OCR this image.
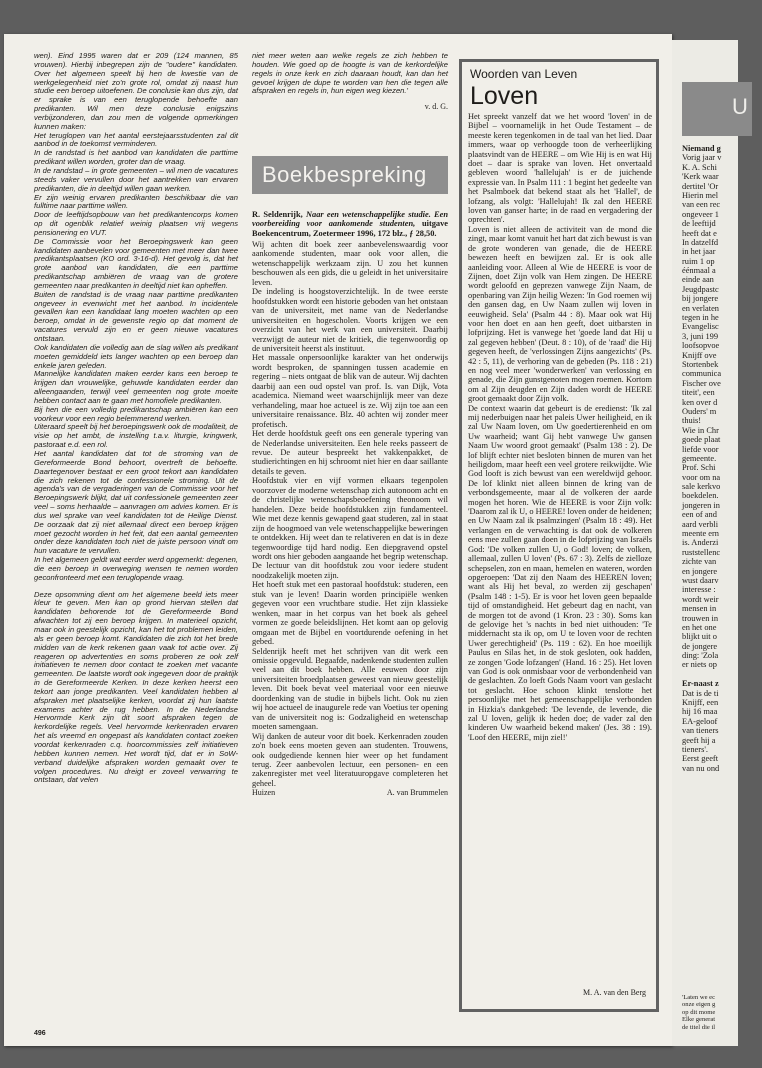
wen). Eind 1995 waren dat er 209 (124 mannen, 85 vrouwen). Hierbij inbegrepen zijn de "oudere" kandidaten. Over het algemeen speelt bij hen de kwestie van de werkgelegenheid niet zo'n grote rol, omdat zij naast hun studie een beroep uitoefenen. De conclusie kan dus zijn, dat er sprake is van een teruglopende behoefte aan predikanten. Wil men deze conclusie enigszins verbijzonderen, dan zou men de volgende opmerkingen kunnen maken:

Het teruglopen van het aantal eerstejaarsstudenten zal dit aanbod in de toekomst verminderen.

In de randstad is het aanbod van kandidaten die parttime predikant willen worden, groter dan de vraag.

In de randstad – in grote gemeenten – wil men de vacatures steeds vaker vervullen door het aantrekken van ervaren predikanten, die in deeltijd willen gaan werken.

Er zijn weinig ervaren predikanten beschikbaar die van fulltime naar parttime willen.

Door de leeftijdsopbouw van het predikantencorps komen op dit ogenblik relatief weinig plaatsen vrij wegens pensionering en VUT.

De Commissie voor het Beroepingswerk kan geen kandidaten aanbevelen voor gemeenten met meer dan twee predikantsplaatsen (KO ord. 3-16-d). Het gevolg is, dat het grote aanbod van kandidaten, die een parttime predikantschap ambiëren de vraag van de grotere gemeenten naar predikanten in deeltijd niet kan opheffen.

Buiten de randstad is de vraag naar parttime predikanten ongeveer in evenwicht met het aanbod. In incidentele gevallen kan een kandidaat lang moeten wachten op een beroep, omdat in de gewenste regio op dat moment de vacatures vervuld zijn en er geen nieuwe vacatures ontstaan.

Ook kandidaten die volledig aan de slag willen als predikant moeten gemiddeld iets langer wachten op een beroep dan enkele jaren geleden.

Mannelijke kandidaten maken eerder kans een beroep te krijgen dan vrouwelijke, gehuwde kandidaten eerder dan alleengaanden, terwijl veel gemeenten nog grote moeite hebben contact aan te gaan met homofiele predikanten.

Bij hen die een volledig predikantschap ambiëren kan een voorkeur voor een regio belemmerend werken.

Uiteraard speelt bij het beroepingswerk ook de modaliteit, de visie op het ambt, de instelling t.a.v. liturgie, kringwerk, pastoraat e.d. een rol.

Het aantal kandidaten dat tot de stroming van de Gereformeerde Bond behoort, overtreft de behoefte. Daartegenover bestaat er een groot tekort aan kandidaten die zich rekenen tot de confessionele stroming. Uit de agenda's van de vergaderingen van de Commissie voor het Beroepingswerk blijkt, dat uit confessionele gemeenten zeer veel – soms herhaalde – aanvragen om advies komen. Er is dus wel sprake van veel kandidaten tot de Heilige Dienst. De oorzaak dat zij niet allemaal direct een beroep krijgen moet gezocht worden in het feit, dat een aantal gemeenten onder deze kandidaten toch niet de juiste persoon vindt om hun vacature te vervullen.

In het algemeen geldt wat eerder werd opgemerkt: degenen, die een beroep in overweging wensen te nemen worden geconfronteerd met een teruglopende vraag.

Deze opsomming dient om het algemene beeld iets meer kleur te geven. Men kan op grond hiervan stellen dat kandidaten behorende tot de Gereformeerde Bond afwachten tot zij een beroep krijgen. In materieel opzicht, maar ook in geestelijk opzicht, kan het tot problemen leiden, als er geen beroep komt. Kandidaten die zich tot het brede midden van de kerk rekenen gaan vaak tot actie over. Zij reageren op advertenties en soms proberen ze ook zelf initiatieven te nemen door contact te zoeken met vacante gemeenten. De laatste wordt ook ingegeven door de praktijk in de Gereformeerde Kerken. In deze kerken heerst een tekort aan jonge predikanten. Veel kandidaten hebben al afspraken met plaatselijke kerken, voordat zij hun laatste examens achter de rug hebben. In de Nederlandse Hervormde Kerk zijn dit soort afspraken tegen de kerkordelijke regels. Veel hervormde kerkenraden ervaren het als vreemd en ongepast als kandidaten contact zoeken voordat kerkenraden c.q. hoorcommissies zelf initiatieven hebben kunnen nemen. Het wordt tijd, dat er in SoW-verband duidelijke afspraken worden gemaakt over te volgen procedures. Nu dreigt er zoveel verwarring te ontstaan, dat velen

niet meer weten aan welke regels ze zich hebben te houden. Wie goed op de hoogte is van de kerkordelijke regels in onze kerk en zich daaraan houdt, kan dan het gevoel krijgen de dupe te worden van hen die tegen alle afspraken en regels in, hun eigen weg kiezen.'

v. d. G.

Boekbespreking

R. Seldenrijk, Naar een wetenschappelijke studie. Een voorbereiding voor aankomende studenten, uitgave Boekencentrum, Zoetermeer 1996, 172 blz., ƒ 28,50.

Wij achten dit boek zeer aanbevelenswaardig voor aankomende studenten, maar ook voor allen, die wetenschappelijk werkzaam zijn. U zou het kunnen beschouwen als een gids, die u geleidt in het universitaire leven.

De indeling is hoogstoverzichtelijk. In de twee eerste hoofdstukken wordt een historie geboden van het ontstaan van de universiteit, met name van de Nederlandse universiteiten en hogescholen. Voorts krijgen we een overzicht van het werk van een universiteit. Daarbij verzwijgt de auteur niet de kritiek, die tegenwoordig op de universiteit heerst als instituut.

Het massale onpersoonlijke karakter van het onderwijs wordt besproken, de spanningen tussen academie en regering – niets ontgaat de blik van de auteur. Wij dachten daarbij aan een oud opstel van prof. Is. van Dijk, Vota academica. Niemand weet waarschijnlijk meer van deze verhandeling, maar hoe actueel is ze. Wij zijn toe aan een universitaire renaissance. Blz. 40 achten wij zonder meer profetisch.

Het derde hoofdstuk geeft ons een generale typering van de Nederlandse universiteiten. Een hele reeks passeert de revue. De auteur bespreekt het vakkenpakket, de studierichtingen en hij schroomt niet hier en daar saillante details te geven.

Hoofdstuk vier en vijf vormen elkaars tegenpolen voorzover de moderne wetenschap zich autonoom acht en de christelijke wetenschapsbeoefening theonoom wil handelen. Deze beide hoofdstukken zijn fundamenteel. Wie met deze kennis gewapend gaat studeren, zal in staat zijn de hoogmoed van vele wetenschappelijke beweringen te ontdekken. Hij weet dan te relativeren en dat is in deze tegenwoordige tijd hard nodig. Een diepgravend opstel wordt ons hier geboden aangaande het begrip wetenschap. De lectuur van dit hoofdstuk zou voor iedere student noodzakelijk moeten zijn.

Het hoeft stuk met een pastoraal hoofdstuk: studeren, een stuk van je leven! Daarin worden principiële wenken gegeven voor een vruchtbare studie. Het zijn klassieke wenken, maar in het corpus van het boek als geheel vormen ze goede beleidslijnen. Het komt aan op gelovig omgaan met de Bijbel en voortdurende oefening in het gebed.

Seldenrijk heeft met het schrijven van dit werk een omissie opgevuld. Begaafde, nadenkende studenten zullen veel aan dit boek hebben. Alle eeuwen door zijn universiteiten broedplaatsen geweest van nieuw geestelijk leven. Dit boek bevat veel materiaal voor een nieuwe doordenking van de studie in bijbels licht. Ook nu zien wij hoe actueel de inaugurele rede van Voetius ter opening van de universiteit nog is: Godzaligheid en wetenschap moeten samengaan.

Wij danken de auteur voor dit boek. Kerkenraden zouden zo'n boek eens moeten geven aan studenten. Trouwens, ook oudgediende kennen hier weer op het fundament terug. Zeer aanbevolen lectuur, een personen- en een zakenregister met veel literatuuropgave completeren het geheel.

Huizen	A. van Brummelen
Woorden van Leven
Loven

Het spreekt vanzelf dat we het woord 'loven' in de Bijbel – voornamelijk in het Oude Testament – de meeste keren tegenkomen in de taal van het lied. Daar immers, waar op verhoogde toon de verheerlijking plaatsvindt van de HEERE – om Wie Hij is en wat Hij doet – daar is sprake van loven. Het onvertaald gebleven woord 'hallelujah' is er de juichende expressie van. In Psalm 111 : 1 begint het gedeelte van het Psalmboek dat bekend staat als het 'Hallel', de lofzang, als volgt: 'Hallelujah! Ik zal den HEERE loven van ganser harte; in de raad en vergadering der oprechten'.

Loven is niet alleen de activiteit van de mond die zingt, maar komt vanuit het hart dat zich bewust is van de grote wonderen van genade, die de HEERE bewezen heeft en bewijzen zal. Er is ook alle aanleiding voor. Alleen al Wie de HEERE is voor de Zijnen, doet Zijn volk van Hem zingen. De HEERE wordt geloofd en geprezen vanwege Zijn Naam, de openbaring van Zijn heilig Wezen: 'In God roemen wij den gansen dag, en Uw Naam zullen wij loven in eeuwigheid. Sela' (Psalm 44 : 8). Maar ook wat Hij voor hen doet en aan hen geeft, doet uitbarsten in lofprijzing. Het is vanwege het 'goede land dat Hij u zal gegeven hebben' (Deut. 8 : 10), of de 'raad' die Hij gegeven heeft, de 'verlossingen Zijns aangezichts' (Ps. 42 : 5, 11), de verhoring van de gebeden (Ps. 118 : 21) en nog veel meer 'wonderwerken' van verlossing en genade, die Zijn gunstgenoten mogen roemen. Kortom om al Zijn deugden en Zijn daden wordt de HEERE groot gemaakt door Zijn volk.

De context waarin dat gebeurt is de eredienst: 'Ik zal mij nederbuigen naar het paleis Uwer heiligheid, en ik zal Uw Naam loven, om Uw goedertierenheid en om Uw waarheid; want Gij hebt vanwege Uw gansen Naam Uw woord groot gemaakt' (Psalm 138 : 2). De lof blijft echter niet besloten binnen de muren van het heiligdom, maar heeft een veel grotere reikwijdte. Wie God looft is zich bewust van een wereldwijd gehoor. De lof klinkt niet alleen binnen de kring van de verbondsgemeente, maar al de volkeren der aarde mogen het horen. Wie de HEERE is voor Zijn volk: 'Daarom zal ik U, o HEERE! loven onder de heidenen; en Uw Naam zal ik psalmzingen' (Psalm 18 : 49). Het verlangen en de verwachting is dat ook de volkeren eens mee zullen gaan doen in de lofprijzing van Israëls God: 'De volken zullen U, o God! loven; de volken, allemaal, zullen U loven' (Ps. 67 : 3). Zelfs de zielloze schepselen, zon en maan, hemelen en wateren, worden opgeroepen: 'Dat zij den Naam des HEEREN loven; want als Hij het beval, zo werden zij geschapen' (Psalm 148 : 1-5). Er is voor het loven geen bepaalde tijd of omstandigheid. Het gebeurt dag en nacht, van de morgen tot de avond (1 Kron. 23 : 30). Soms kan de gelovige het 's nachts in bed niet uithouden: 'Te middernacht sta ik op, om U te loven voor de rechten Uwer gerechtigheid' (Ps. 119 : 62). En hoe moeilijk Paulus en Silas het, in de stok gesloten, ook hadden, ze zongen 'Gode lofzangen' (Hand. 16 : 25). Het loven van God is ook onmisbaar voor de verbondenheid van de geslachten. Zo loeft Gods Naam voort van geslacht tot geslacht. Hoe schoon klinkt tenslotte het persoonlijke met het gemeenschappelijke verbonden in Hizkia's dankgebed: 'De levende, de levende, die zal U loven, gelijk ik heden doe; de vader zal den kinderen Uw waarheid bekend maken' (Jes. 38 : 19). 'Loof den HEERE, mijn ziel!'

M. A. van den Berg
496
U
Niemand g
Vorig jaar v
K. A. Schi
'Kerk waar
dertitel 'Or
Hierin mel
van een rec
ongeveer 1
de leeftijd
heeft dat e
In datzelfd
in het jaar
ruim 1 op
éénmaal a
einde aan
Jeugdpastc
bij jongere
en verlaten
tegen in he
Evangelisc
3, juni 199
loofsopvoe
Knijff ove
Stortenbek
communica
Fischer ove
titeit', een
ken over d
Ouders' m
thuis!
Wie in Chr
goede plaat
liefde voor
gemeente.
Prof. Schi
voor om na
sale kerkvo
boekdelen.
jongeren in
een of and
aard verbli
meente ern
is. Anderzi
ruststellenc
zichte van
en jongere
wust daarv
interesse :
wordt weir
mensen in
trouwen in
en het one
blijkt uit o
de jongere
ding: 'Zola
er niets op
Er-naast z
Dat is de ti
Knijff, een
hij 16 maa
EA-geloof
van tieners
geeft hij a
tieners'.
Eerst geeft
van nu ond
'Laten we ec
onze eigen g
op dit mome
Elke generat
de titel die il
